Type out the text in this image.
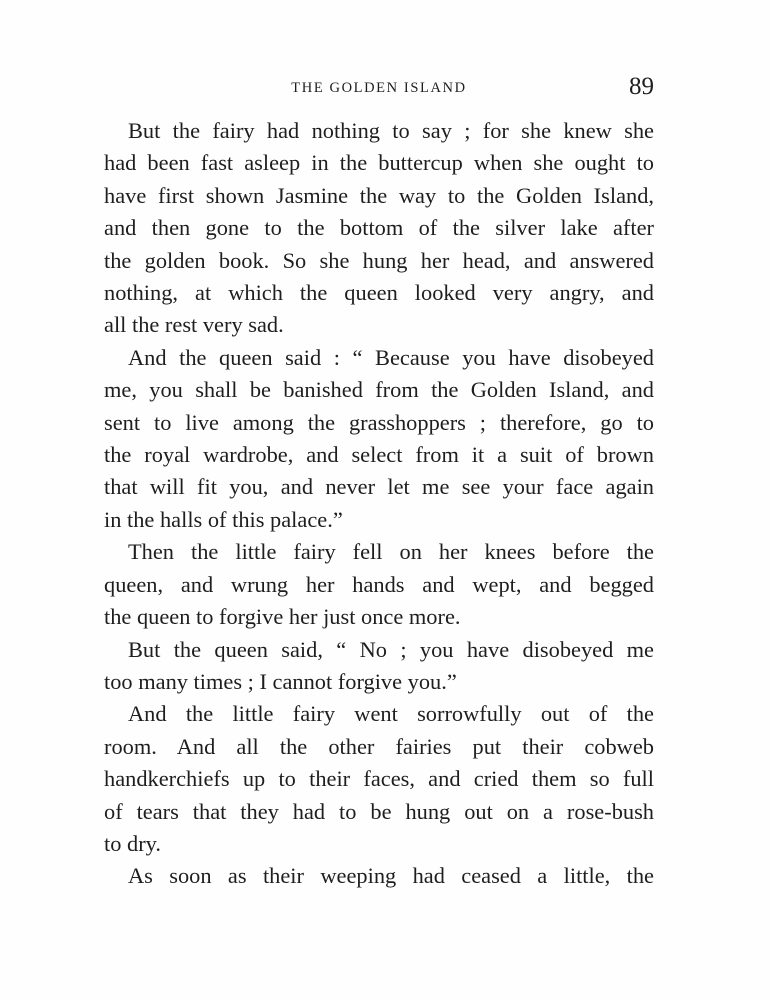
THE GOLDEN ISLAND	89
But the fairy had nothing to say ; for she knew she
had been fast asleep in the buttercup when she ought to
have first shown Jasmine the way to the Golden Island,
and then gone to the bottom of the silver lake after
the golden book. So she hung her head, and answered
nothing, at which the queen looked very angry, and
all the rest very sad.
And the queen said : “ Because you have disobeyed
me, you shall be banished from the Golden Island, and
sent to live among the grasshoppers ; therefore, go to
the royal wardrobe, and select from it a suit of brown
that will fit you, and never let me see your face again
in the halls of this palace.”
Then the little fairy fell on her knees before the
queen, and wrung her hands and wept, and begged
the queen to forgive her just once more.
But the queen said, “ No ; you have disobeyed me
too many times ; I cannot forgive you.”
And the little fairy went sorrowfully out of the
room. And all the other fairies put their cobweb
handkerchiefs up to their faces, and cried them so full
of tears that they had to be hung out on a rose-bush
to dry.
As soon as their weeping had ceased a little, the
